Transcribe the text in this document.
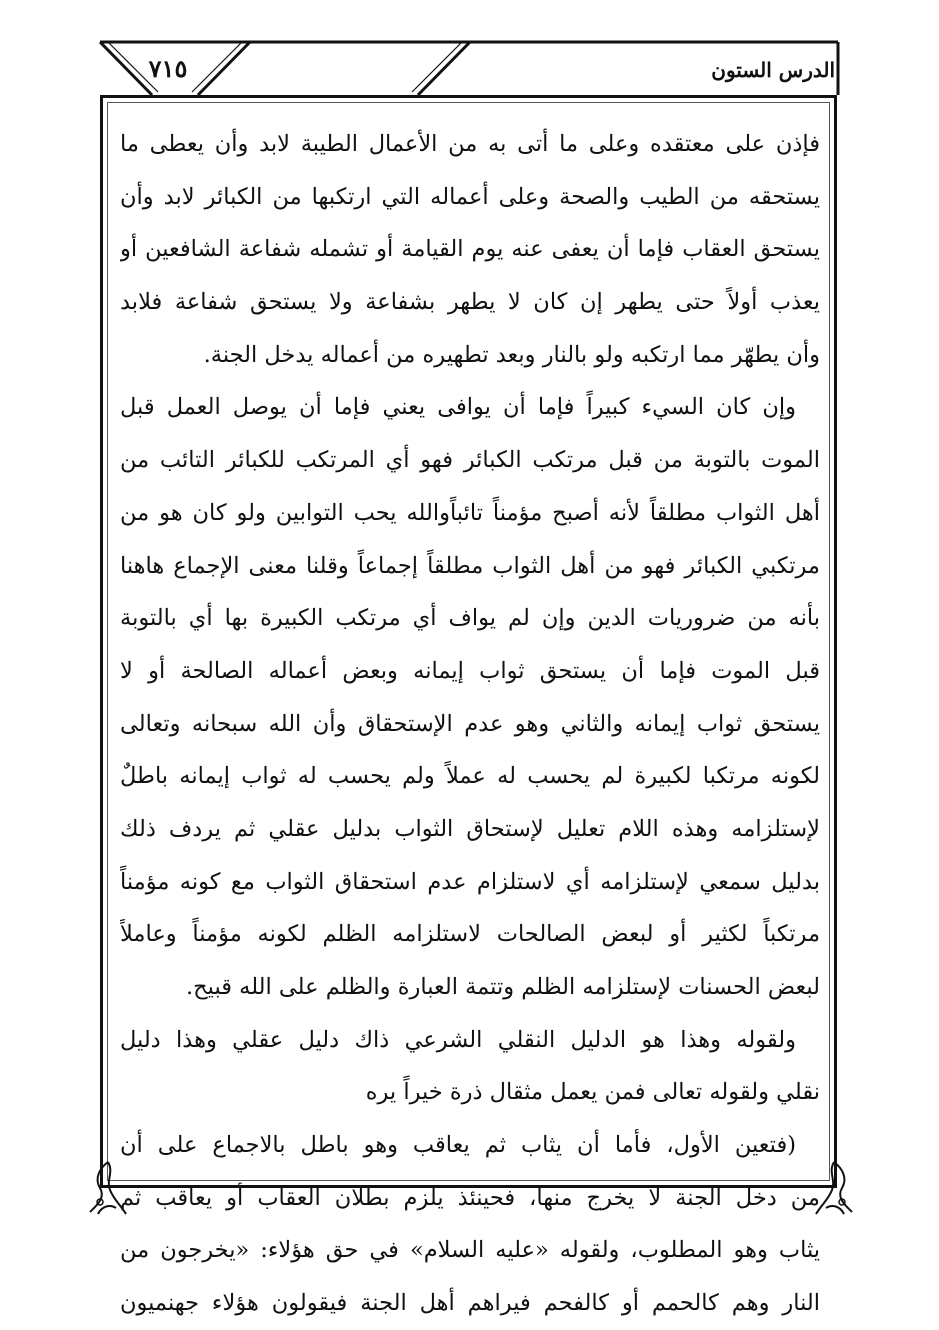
٧١٥	الدرس الستون
فإذن على معتقده وعلى ما أتى به من الأعمال الطيبة لابد وأن يعطى ما
يستحقه من الطيب والصحة وعلى أعماله التي ارتكبها من الكبائر لابد وأن
يستحق العقاب فإما أن يعفى عنه يوم القيامة أو تشمله شفاعة الشافعين أو
يعذب أولاً حتى يطهر إن كان لا يطهر بشفاعة ولا يستحق شفاعة فلابد
وأن يطهّر مما ارتكبه ولو بالنار وبعد تطهيره من أعماله يدخل الجنة.
وإن كان السيء كبيراً فإما أن يوافى يعني فإما أن يوصل العمل قبل
الموت بالتوبة من قبل مرتكب الكبائر فهو أي المرتكب للكبائر التائب من
أهل الثواب مطلقاً لأنه أصبح مؤمناً تائباًوالله يحب التوابين ولو كان هو من
مرتكبي الكبائر فهو من أهل الثواب مطلقاً إجماعاً وقلنا معنى الإجماع هاهنا
بأنه من ضروريات الدين وإن لم يواف أي مرتكب الكبيرة بها أي بالتوبة
قبل الموت فإما أن يستحق ثواب إيمانه وبعض أعماله الصالحة أو لا
يستحق ثواب إيمانه والثاني وهو عدم الإستحقاق وأن الله سبحانه وتعالى
لكونه مرتكبا لكبيرة لم يحسب له عملاً ولم يحسب له ثواب إيمانه باطلٌ
لإستلزامه وهذه اللام تعليل لإستحاق الثواب بدليل عقلي ثم يردف ذلك
بدليل سمعي لإستلزامه أي لاستلزام عدم استحقاق الثواب مع كونه مؤمناً
مرتكباً لكثير أو لبعض الصالحات لاستلزامه الظلم لكونه مؤمناً وعاملاً
لبعض الحسنات لإستلزامه الظلم وتتمة العبارة والظلم على الله قبيح.
ولقوله وهذا هو الدليل النقلي الشرعي ذاك دليل عقلي وهذا دليل
نقلي ولقوله تعالى فمن يعمل مثقال ذرة خيراً يره
(فتعين الأول، فأما أن يثاب ثم يعاقب وهو باطل بالاجماع على أن
من دخل الجنة لا يخرج منها، فحينئذ يلزم بطلان العقاب أو يعاقب ثم
يثاب وهو المطلوب، ولقوله «عليه السلام» في حق هؤلاء: «يخرجون من
النار وهم كالحمم أو كالفحم فيراهم أهل الجنة فيقولون هؤلاء جهنميون
